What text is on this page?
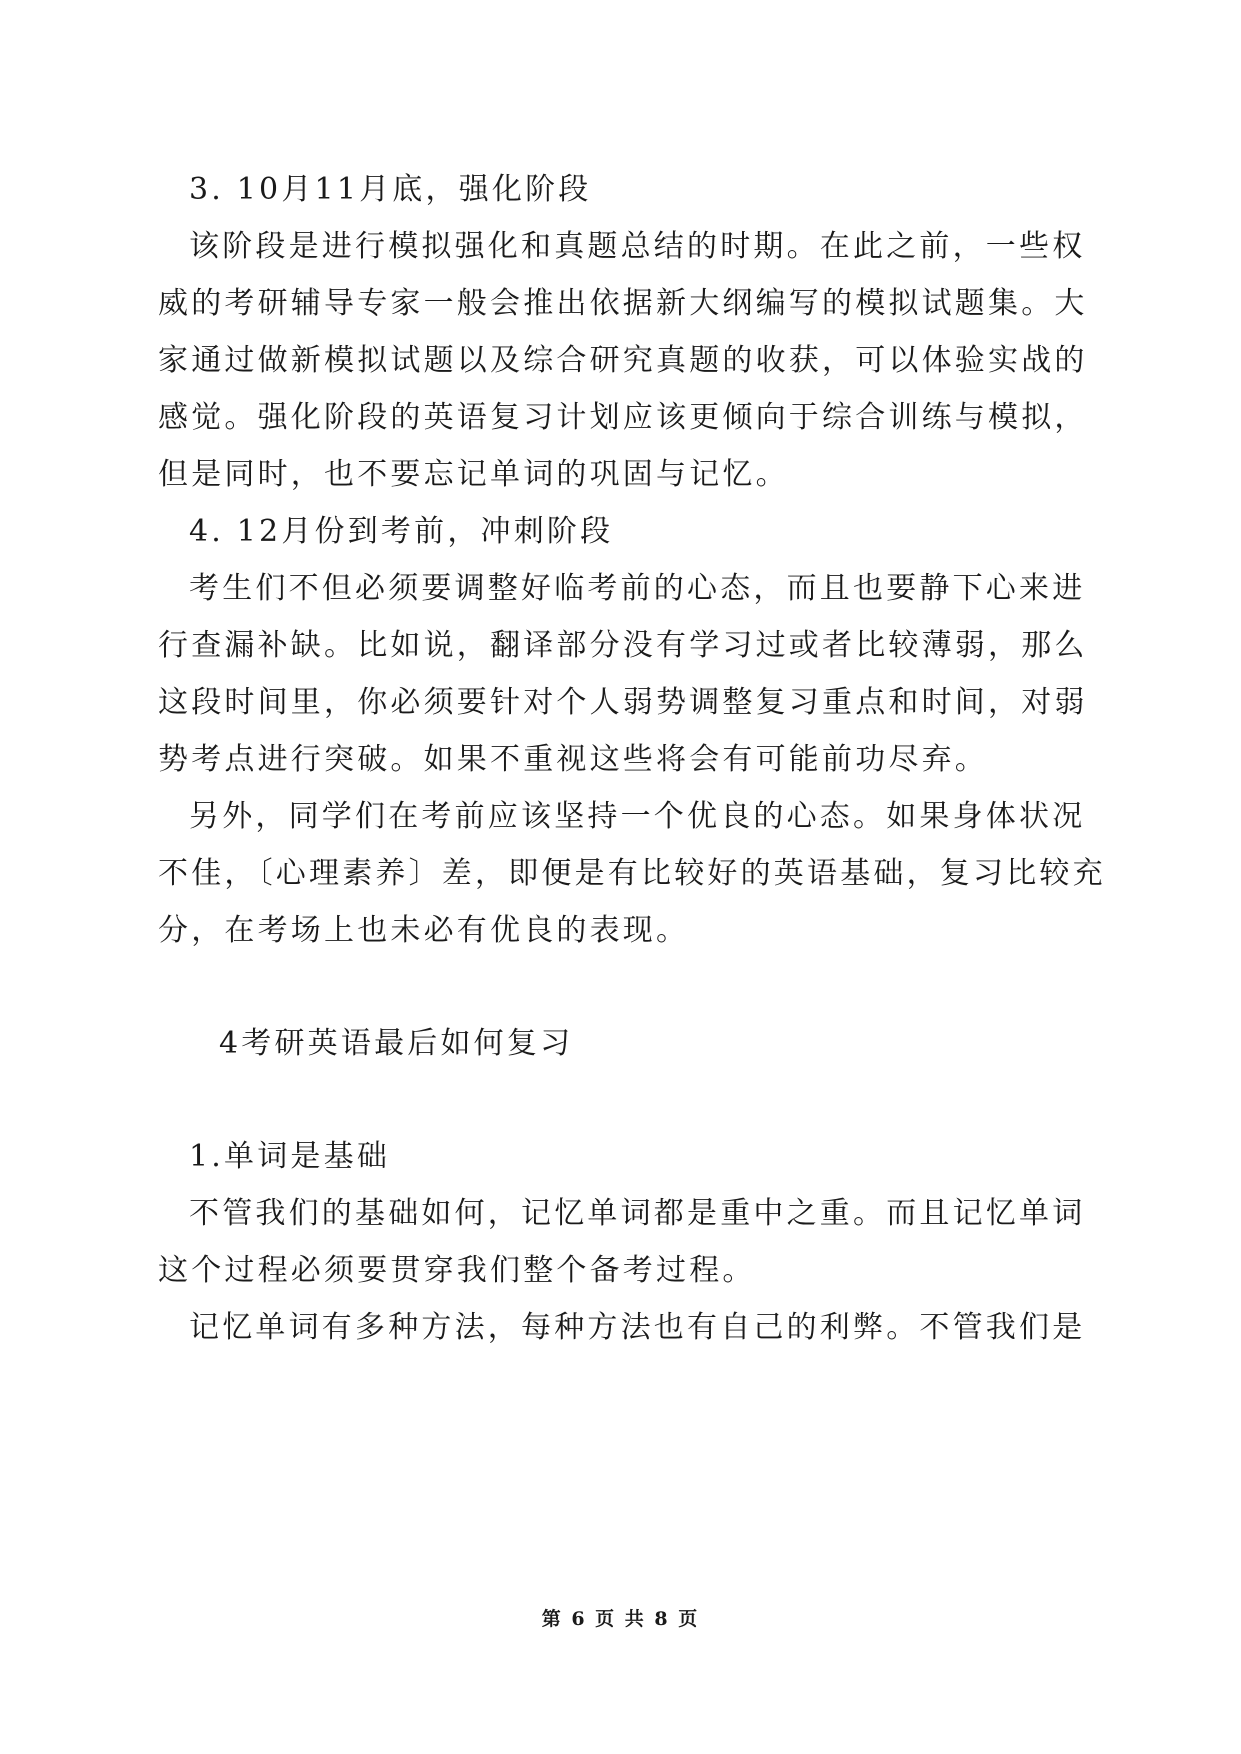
3. 10月11月底，强化阶段
该阶段是进行模拟强化和真题总结的时期。在此之前，一些权
威的考研辅导专家一般会推出依据新大纲编写的模拟试题集。大
家通过做新模拟试题以及综合研究真题的收获，可以体验实战的
感觉。强化阶段的英语复习计划应该更倾向于综合训练与模拟，
但是同时，也不要忘记单词的巩固与记忆。
4. 12月份到考前，冲刺阶段
考生们不但必须要调整好临考前的心态，而且也要静下心来进
行查漏补缺。比如说，翻译部分没有学习过或者比较薄弱，那么
这段时间里，你必须要针对个人弱势调整复习重点和时间，对弱
势考点进行突破。如果不重视这些将会有可能前功尽弃。
另外，同学们在考前应该坚持一个优良的心态。如果身体状况
不佳，〔心理素养〕差，即便是有比较好的英语基础，复习比较充
分，在考场上也未必有优良的表现。
4考研英语最后如何复习
1.单词是基础
不管我们的基础如何，记忆单词都是重中之重。而且记忆单词
这个过程必须要贯穿我们整个备考过程。
记忆单词有多种方法，每种方法也有自己的利弊。不管我们是
第 6 页 共 8 页
